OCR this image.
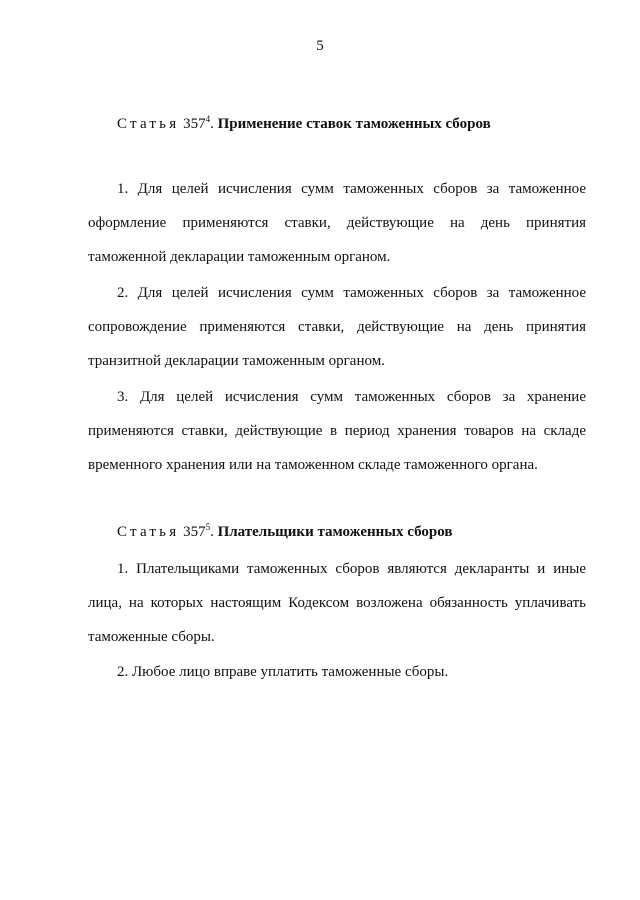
5
Статья $357^4$. Применение ставок таможенных сборов
1. Для целей исчисления сумм таможенных сборов за таможенное
оформление применяются ставки, действующие на день принятия
таможенной декларации таможенным органом.
2. Для целей исчисления сумм таможенных сборов за таможенное
сопровождение применяются ставки, действующие на день принятия
транзитной декларации таможенным органом.
3. Для целей исчисления сумм таможенных сборов за хранение
применяются ставки, действующие в период хранения товаров на складе
временного хранения или на таможенном складе таможенного органа.
Статья $357^5$. Плательщики таможенных сборов
1. Плательщиками таможенных сборов являются декларанты и иные
лица, на которых настоящим Кодексом возложена обязанность уплачивать
таможенные сборы.
2. Любое лицо вправе уплатить таможенные сборы.
